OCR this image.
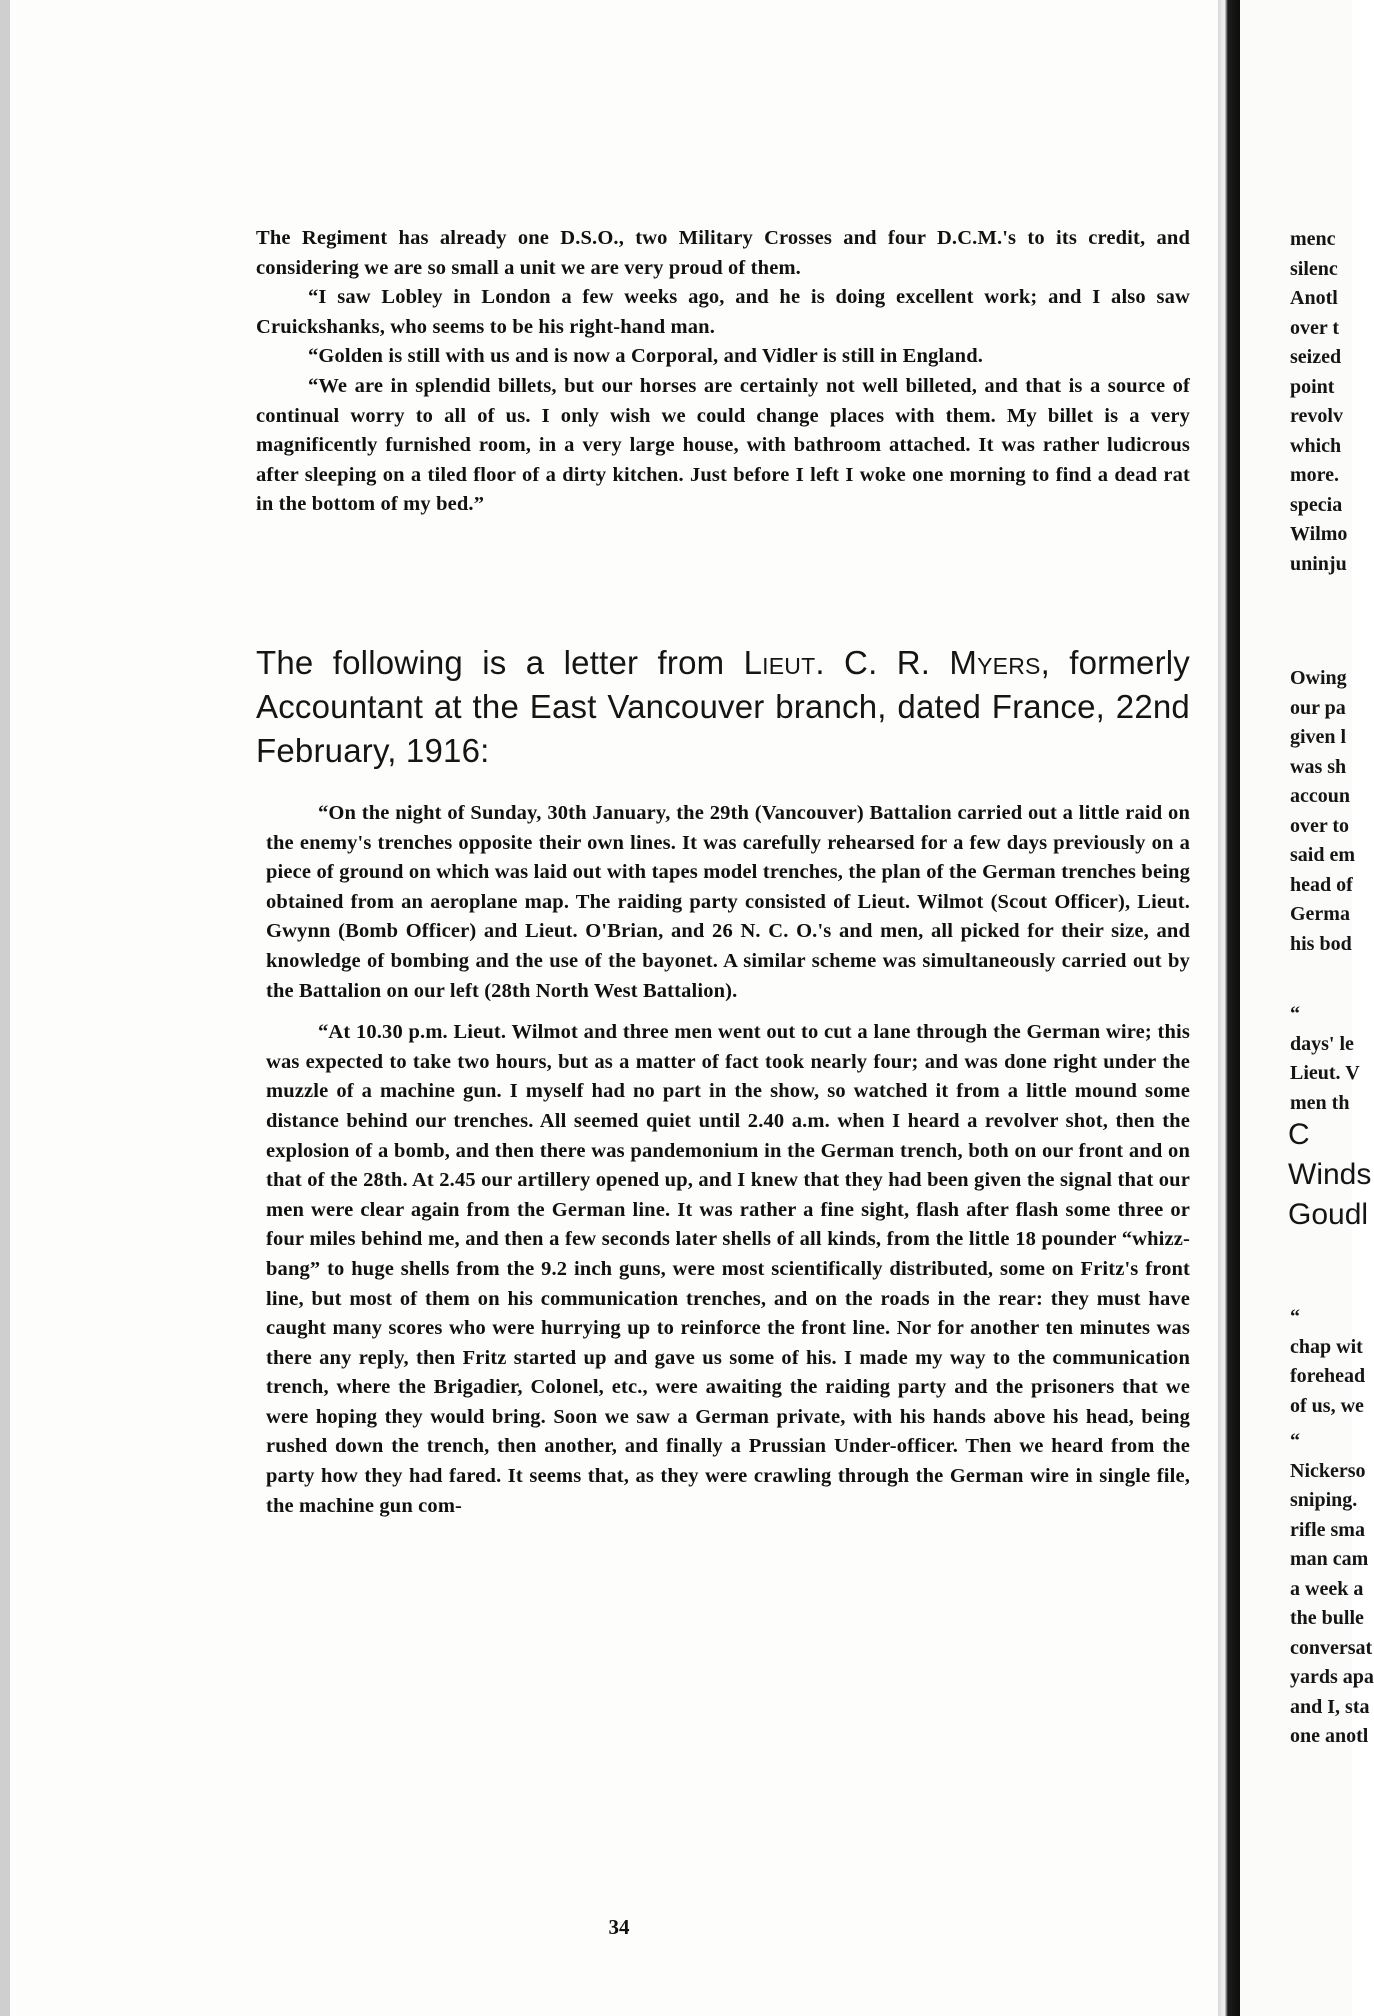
The Regiment has already one D.S.O., two Military Crosses and four D.C.M.'s to its credit, and considering we are so small a unit we are very proud of them.

“I saw Lobley in London a few weeks ago, and he is doing excellent work; and I also saw Cruickshanks, who seems to be his right-hand man.

“Golden is still with us and is now a Corporal, and Vidler is still in England.

“We are in splendid billets, but our horses are certainly not well billeted, and that is a source of continual worry to all of us. I only wish we could change places with them. My billet is a very magnificently furnished room, in a very large house, with bathroom attached. It was rather ludicrous after sleeping on a tiled floor of a dirty kitchen. Just before I left I woke one morning to find a dead rat in the bottom of my bed.”

The following is a letter from Lieut. C. R. Myers, formerly Accountant at the East Vancouver branch, dated France, 22nd February, 1916:

“On the night of Sunday, 30th January, the 29th (Vancouver) Battalion carried out a little raid on the enemy's trenches opposite their own lines. It was carefully rehearsed for a few days previously on a piece of ground on which was laid out with tapes model trenches, the plan of the German trenches being obtained from an aeroplane map. The raiding party consisted of Lieut. Wilmot (Scout Officer), Lieut. Gwynn (Bomb Officer) and Lieut. O'Brian, and 26 N. C. O.'s and men, all picked for their size, and knowledge of bombing and the use of the bayonet. A similar scheme was simultaneously carried out by the Battalion on our left (28th North West Battalion).

“At 10.30 p.m. Lieut. Wilmot and three men went out to cut a lane through the German wire; this was expected to take two hours, but as a matter of fact took nearly four; and was done right under the muzzle of a machine gun. I myself had no part in the show, so watched it from a little mound some distance behind our trenches. All seemed quiet until 2.40 a.m. when I heard a revolver shot, then the explosion of a bomb, and then there was pandemonium in the German trench, both on our front and on that of the 28th. At 2.45 our artillery opened up, and I knew that they had been given the signal that our men were clear again from the German line. It was rather a fine sight, flash after flash some three or four miles behind me, and then a few seconds later shells of all kinds, from the little 18 pounder “whizz-bang” to huge shells from the 9.2 inch guns, were most scientifically distributed, some on Fritz's front line, but most of them on his communication trenches, and on the roads in the rear: they must have caught many scores who were hurrying up to reinforce the front line. Nor for another ten minutes was there any reply, then Fritz started up and gave us some of his. I made my way to the communication trench, where the Brigadier, Colonel, etc., were awaiting the raiding party and the prisoners that we were hoping they would bring. Soon we saw a German private, with his hands above his head, being rushed down the trench, then another, and finally a Prussian Under-officer. Then we heard from the party how they had fared. It seems that, as they were crawling through the German wire in single file, the machine gun com-

34
menc
silenc
Anotl
over t
seized
point
revolv
which
more.
specia
Wilmo
uninju
Owing
our pa
given l
was sh
accoun
over to
said em
head of
Germa
his bod
“
days' le
Lieut. V
men th
C
Winds
Goudl
“
chap wit
forehead
of us, we
“
Nickerso
sniping.
rifle sma
man cam
a week a
the bulle
conversat
yards apa
and I, sta
one anotl
